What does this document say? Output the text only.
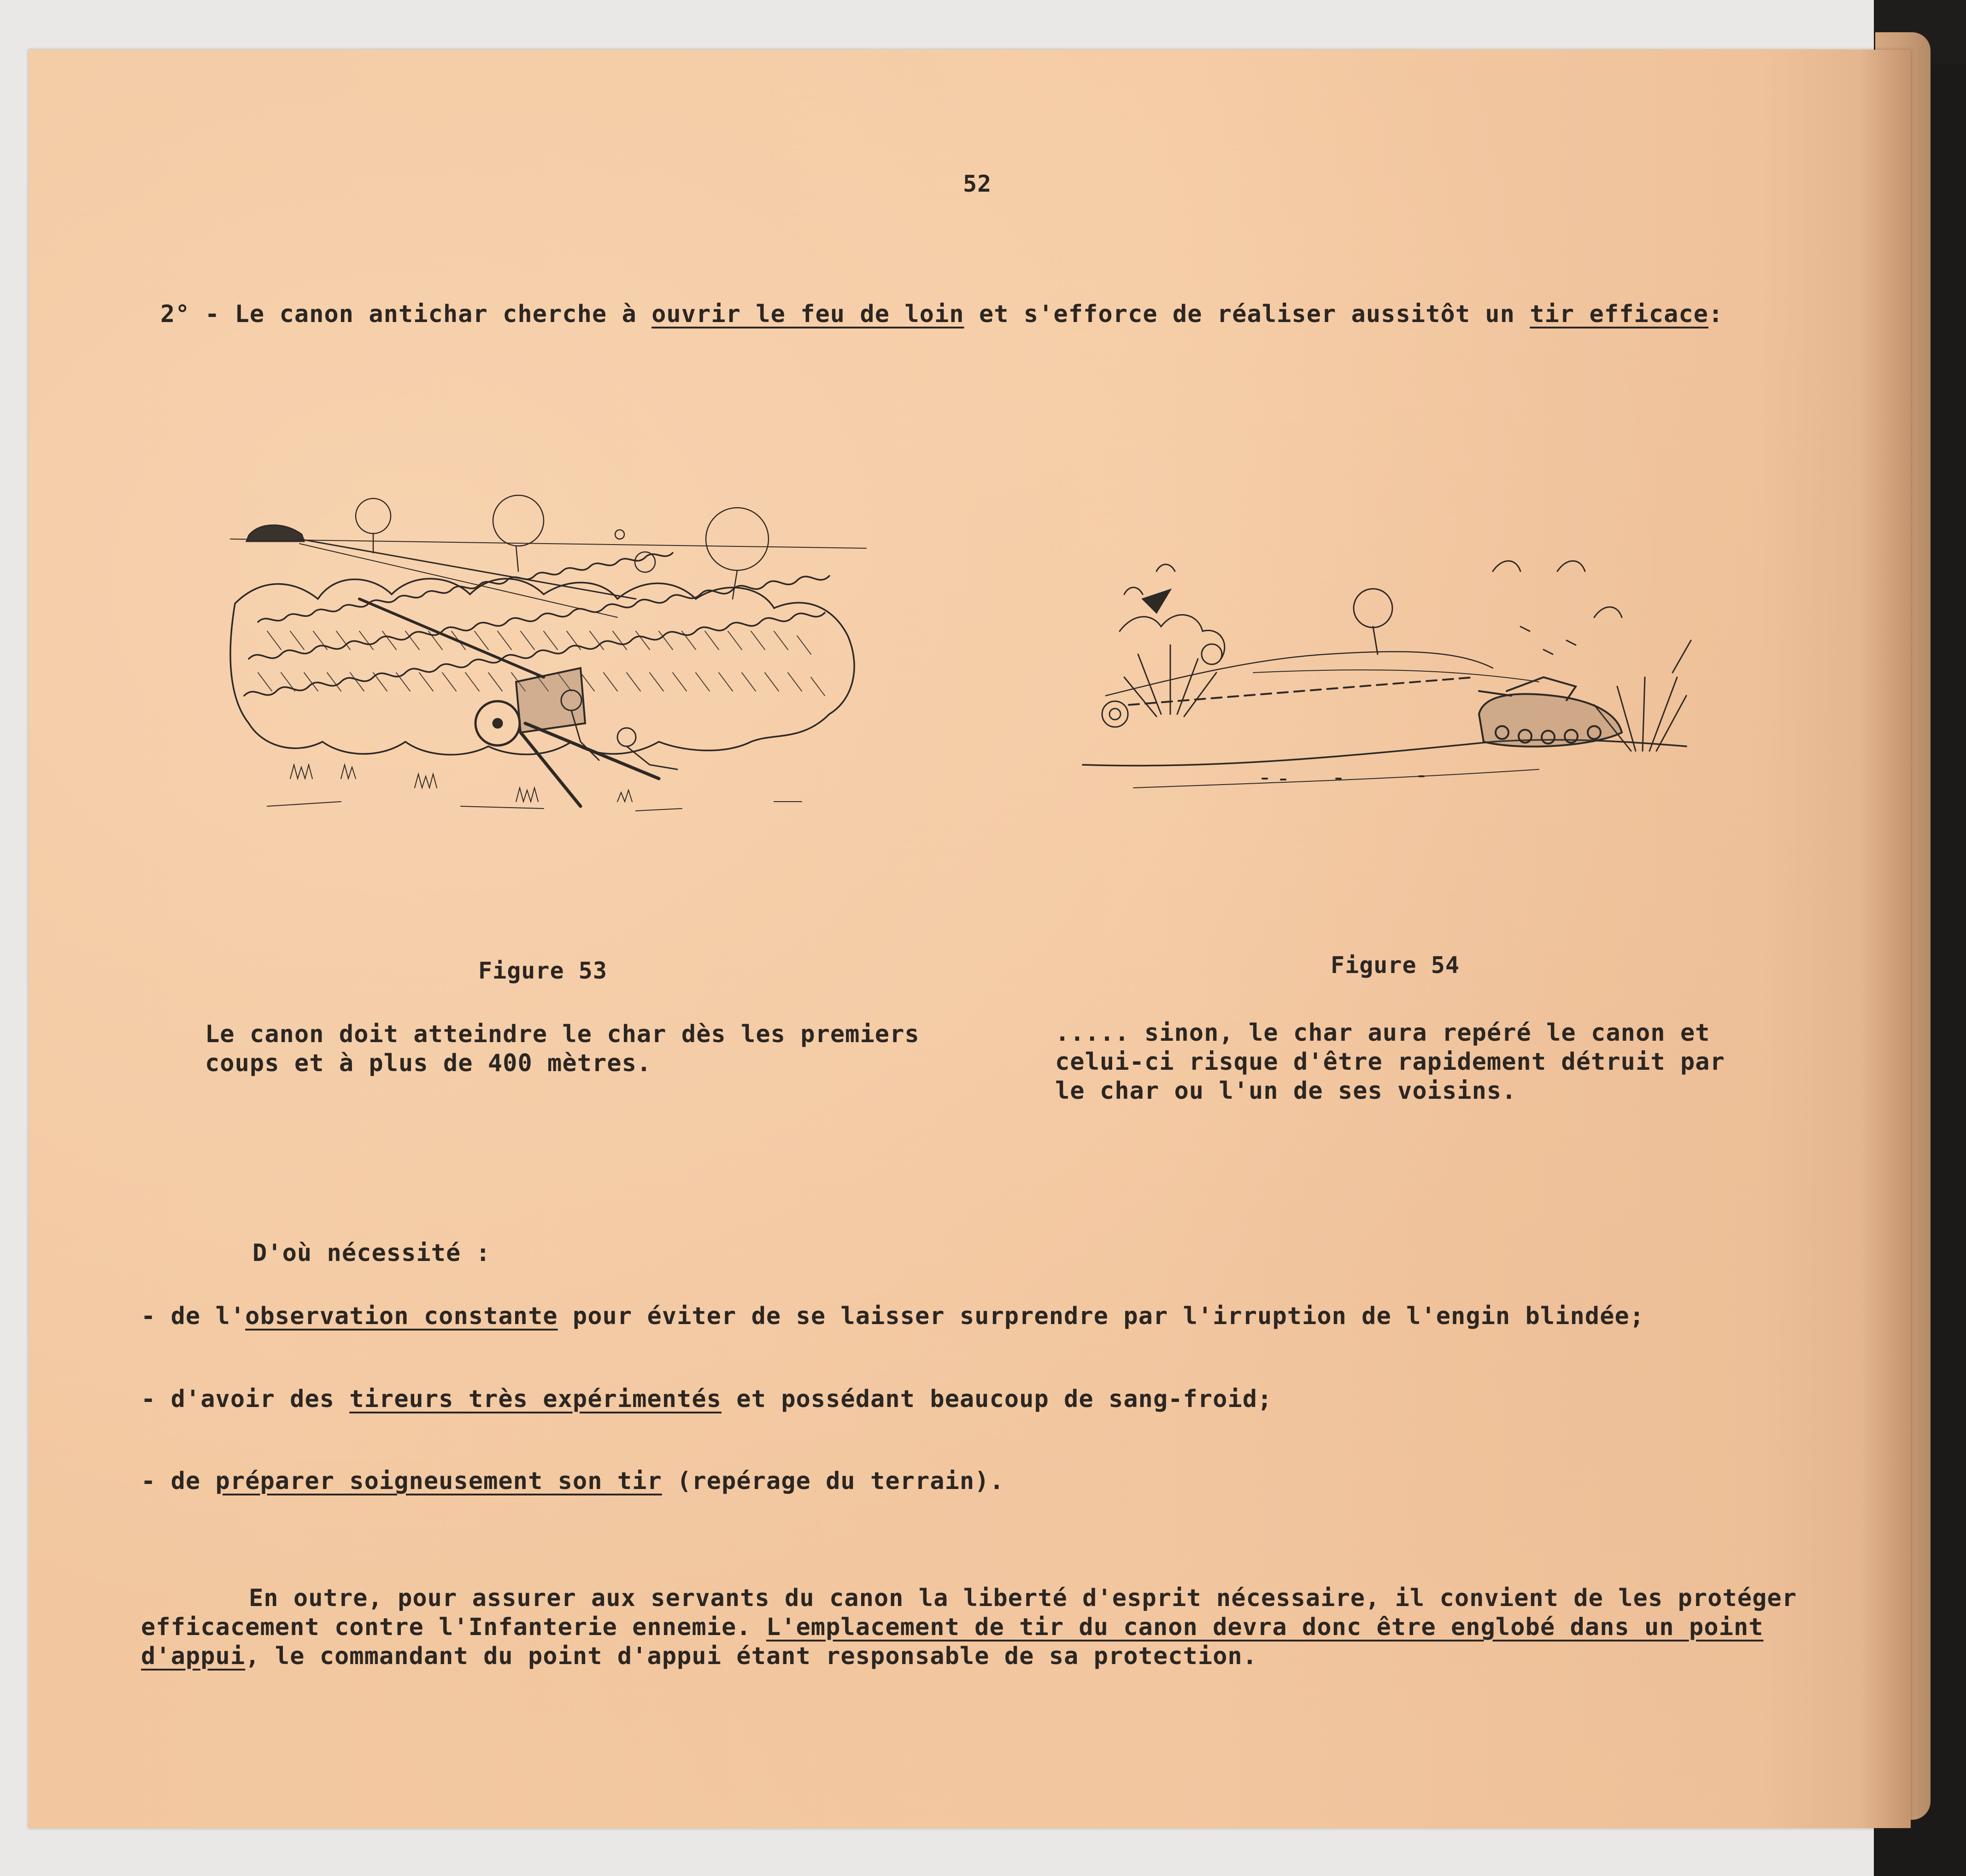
52
2° - Le canon antichar cherche à ouvrir le feu de loin et s'efforce de réaliser aussitôt un tir efficace:
Figure 53	Figure 54
Le canon doit atteindre le char dès les premiers
coups et à plus de 400 mètres.
..... sinon, le char aura repéré le canon et
celui-ci risque d'être rapidement détruit par
le char ou l'un de ses voisins.
D'où nécessité :
- de l'observation constante pour éviter de se laisser surprendre par l'irruption de l'engin blindée;
- d'avoir des tireurs très expérimentés et possédant beaucoup de sang-froid;
- de préparer soigneusement son tir (repérage du terrain).
En outre, pour assurer aux servants du canon la liberté d'esprit nécessaire, il convient de les protéger
efficacement contre l'Infanterie ennemie. L'emplacement de tir du canon devra donc être englobé dans un point
d'appui, le commandant du point d'appui étant responsable de sa protection.
